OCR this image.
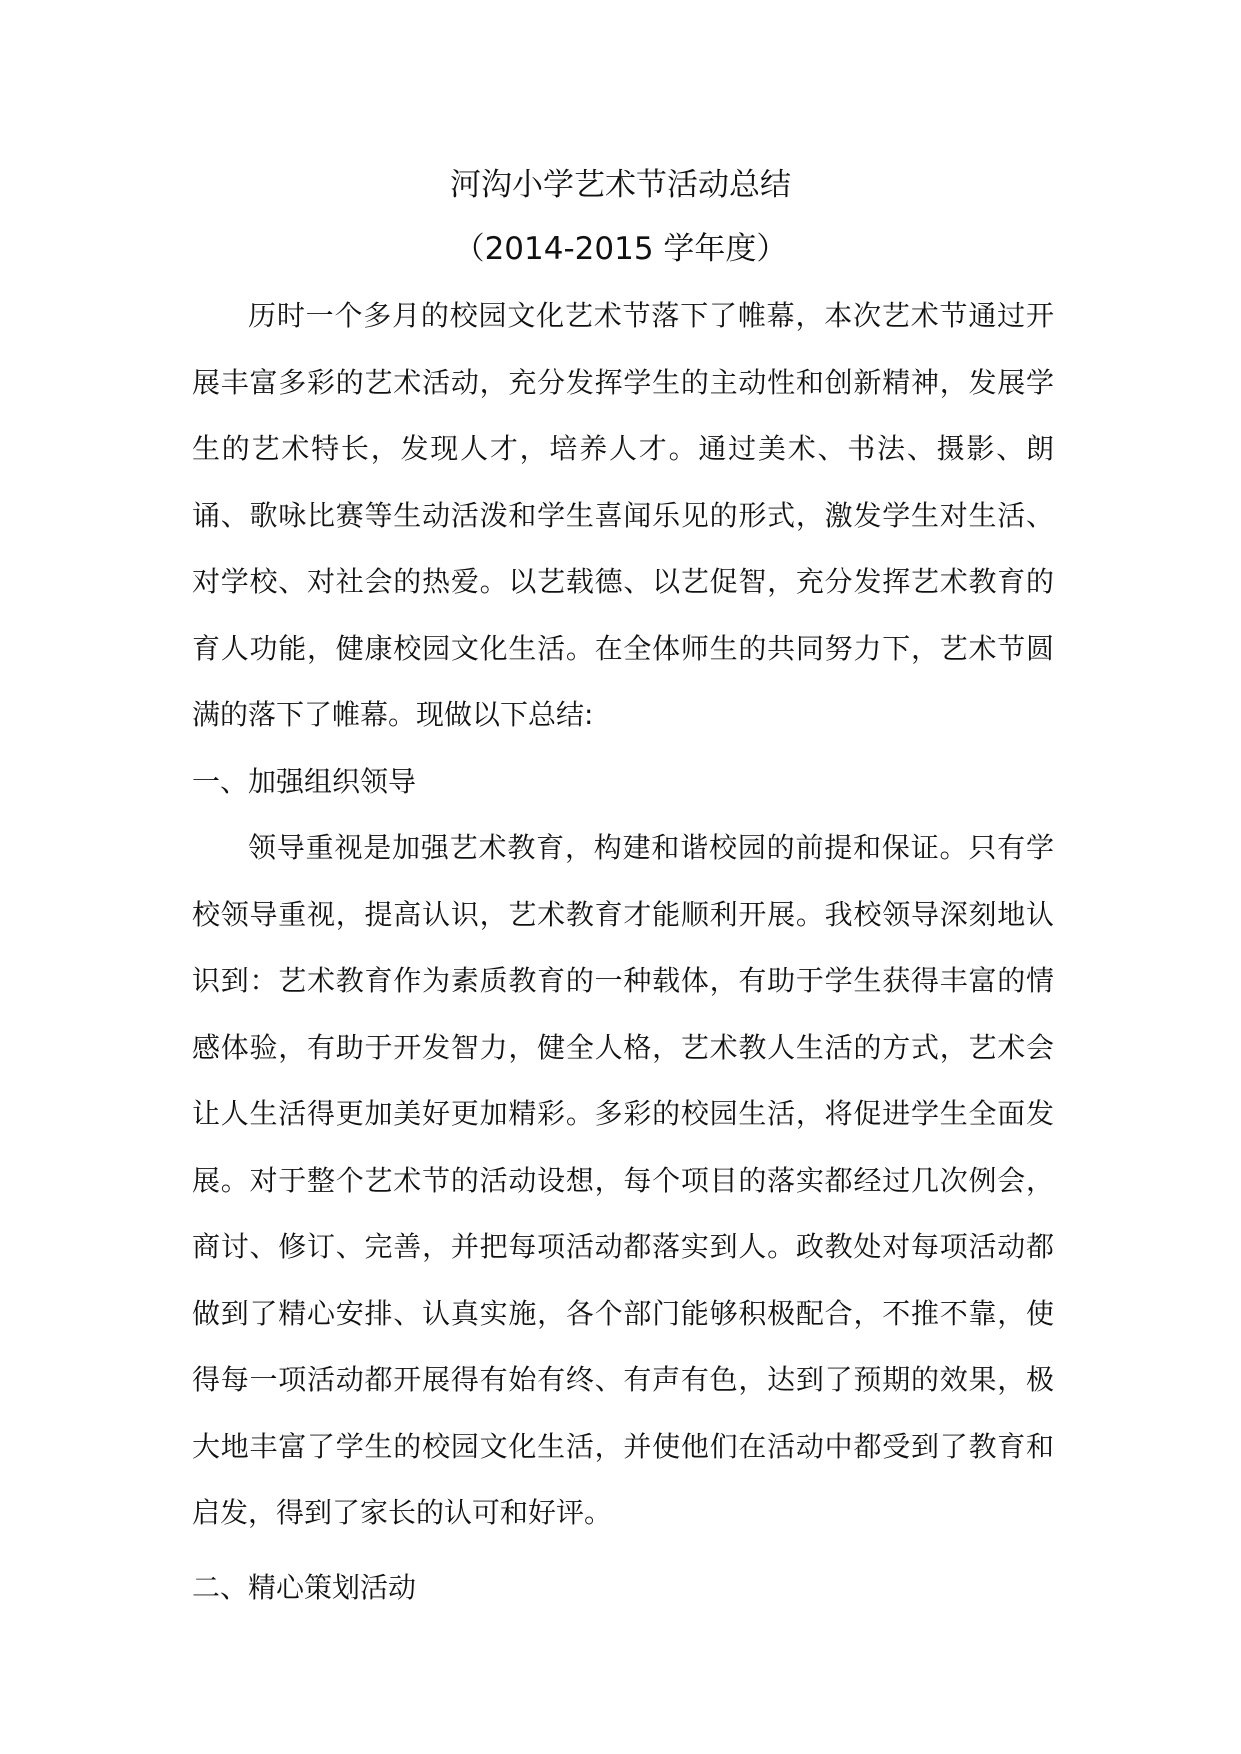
河沟小学艺术节活动总结
（2014-2015 学年度）

历时一个多月的校园文化艺术节落下了帷幕，本次艺术节通过开展丰富多彩的艺术活动，充分发挥学生的主动性和创新精神，发展学生的艺术特长，发现人才，培养人才。通过美术、书法、摄影、朗诵、歌咏比赛等生动活泼和学生喜闻乐见的形式，激发学生对生活、对学校、对社会的热爱。以艺载德、以艺促智，充分发挥艺术教育的育人功能，健康校园文化生活。在全体师生的共同努力下，艺术节圆满的落下了帷幕。现做以下总结:

一、加强组织领导

领导重视是加强艺术教育，构建和谐校园的前提和保证。只有学校领导重视，提高认识，艺术教育才能顺利开展。我校领导深刻地认识到：艺术教育作为素质教育的一种载体，有助于学生获得丰富的情感体验，有助于开发智力，健全人格，艺术教人生活的方式，艺术会让人生活得更加美好更加精彩。多彩的校园生活，将促进学生全面发展。对于整个艺术节的活动设想，每个项目的落实都经过几次例会，商讨、修订、完善，并把每项活动都落实到人。政教处对每项活动都做到了精心安排、认真实施，各个部门能够积极配合，不推不靠，使得每一项活动都开展得有始有终、有声有色，达到了预期的效果，极大地丰富了学生的校园文化生活，并使他们在活动中都受到了教育和启发，得到了家长的认可和好评。

二、精心策划活动
